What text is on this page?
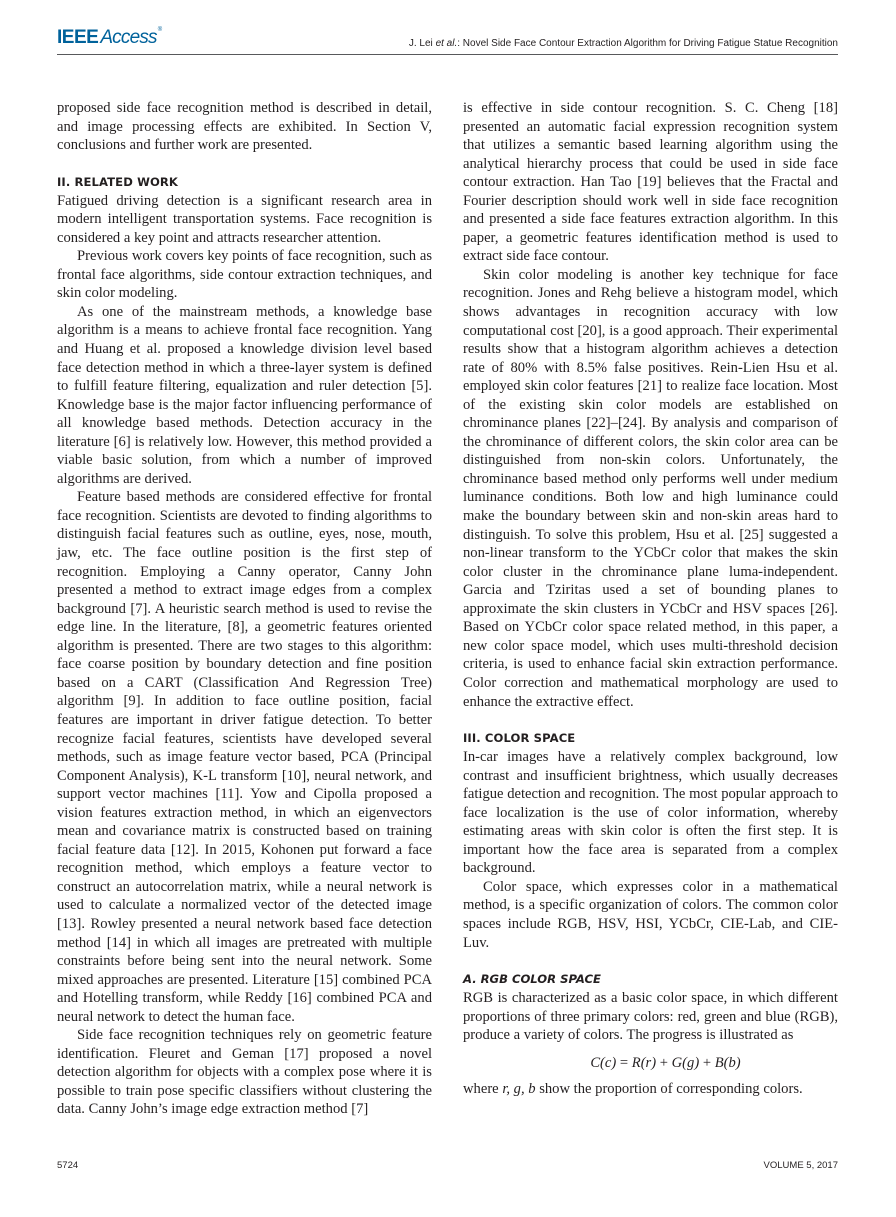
IEEE Access®
J. Lei et al.: Novel Side Face Contour Extraction Algorithm for Driving Fatigue Statue Recognition

proposed side face recognition method is described in detail, and image processing effects are exhibited. In Section V, conclusions and further work are presented.

II. RELATED WORK

Fatigued driving detection is a significant research area in modern intelligent transportation systems. Face recognition is considered a key point and attracts researcher attention.

Previous work covers key points of face recognition, such as frontal face algorithms, side contour extraction techniques, and skin color modeling.

As one of the mainstream methods, a knowledge base algorithm is a means to achieve frontal face recognition. Yang and Huang et al. proposed a knowledge division level based face detection method in which a three-layer system is defined to fulfill feature filtering, equalization and ruler detection [5]. Knowledge base is the major factor influencing performance of all knowledge based methods. Detection accuracy in the literature [6] is relatively low. However, this method provided a viable basic solution, from which a number of improved algorithms are derived.

Feature based methods are considered effective for frontal face recognition. Scientists are devoted to finding algorithms to distinguish facial features such as outline, eyes, nose, mouth, jaw, etc. The face outline position is the first step of recognition. Employing a Canny operator, Canny John presented a method to extract image edges from a complex background [7]. A heuristic search method is used to revise the edge line. In the literature, [8], a geometric features oriented algorithm is presented. There are two stages to this algorithm: face coarse position by boundary detection and fine position based on a CART (Classification And Regression Tree) algorithm [9]. In addition to face outline position, facial features are important in driver fatigue detection. To better recognize facial features, scientists have developed several methods, such as image feature vector based, PCA (Principal Component Analysis), K-L transform [10], neural network, and support vector machines [11]. Yow and Cipolla proposed a vision features extraction method, in which an eigenvectors mean and covariance matrix is constructed based on training facial feature data [12]. In 2015, Kohonen put forward a face recognition method, which employs a feature vector to construct an autocorrelation matrix, while a neural network is used to calculate a normalized vector of the detected image [13]. Rowley presented a neural network based face detection method [14] in which all images are pretreated with multiple constraints before being sent into the neural network. Some mixed approaches are presented. Literature [15] combined PCA and Hotelling transform, while Reddy [16] combined PCA and neural network to detect the human face.

Side face recognition techniques rely on geometric feature identification. Fleuret and Geman [17] proposed a novel detection algorithm for objects with a complex pose where it is possible to train pose specific classifiers without clustering the data. Canny John’s image edge extraction method [7]

is effective in side contour recognition. S. C. Cheng [18] presented an automatic facial expression recognition system that utilizes a semantic based learning algorithm using the analytical hierarchy process that could be used in side face contour extraction. Han Tao [19] believes that the Fractal and Fourier description should work well in side face recognition and presented a side face features extraction algorithm. In this paper, a geometric features identification method is used to extract side face contour.

Skin color modeling is another key technique for face recognition. Jones and Rehg believe a histogram model, which shows advantages in recognition accuracy with low computational cost [20], is a good approach. Their experimental results show that a histogram algorithm achieves a detection rate of 80% with 8.5% false positives. Rein-Lien Hsu et al. employed skin color features [21] to realize face location. Most of the existing skin color models are established on chrominance planes [22]–[24]. By analysis and comparison of the chrominance of different colors, the skin color area can be distinguished from non-skin colors. Unfortunately, the chrominance based method only performs well under medium luminance conditions. Both low and high luminance could make the boundary between skin and non-skin areas hard to distinguish. To solve this problem, Hsu et al. [25] suggested a non-linear transform to the YCbCr color that makes the skin color cluster in the chrominance plane luma-independent. Garcia and Tziritas used a set of bounding planes to approximate the skin clusters in YCbCr and HSV spaces [26]. Based on YCbCr color space related method, in this paper, a new color space model, which uses multi-threshold decision criteria, is used to enhance facial skin extraction performance. Color correction and mathematical morphology are used to enhance the extractive effect.

III. COLOR SPACE

In-car images have a relatively complex background, low contrast and insufficient brightness, which usually decreases fatigue detection and recognition. The most popular approach to face localization is the use of color information, whereby estimating areas with skin color is often the first step. It is important how the face area is separated from a complex background.

Color space, which expresses color in a mathematical method, is a specific organization of colors. The common color spaces include RGB, HSV, HSI, YCbCr, CIE-Lab, and CIE-Luv.

A. RGB COLOR SPACE

RGB is characterized as a basic color space, in which different proportions of three primary colors: red, green and blue (RGB), produce a variety of colors. The progress is illustrated as

C(c) = R(r) + G(g) + B(b)

where r, g, b show the proportion of corresponding colors.

5724	VOLUME 5, 2017
